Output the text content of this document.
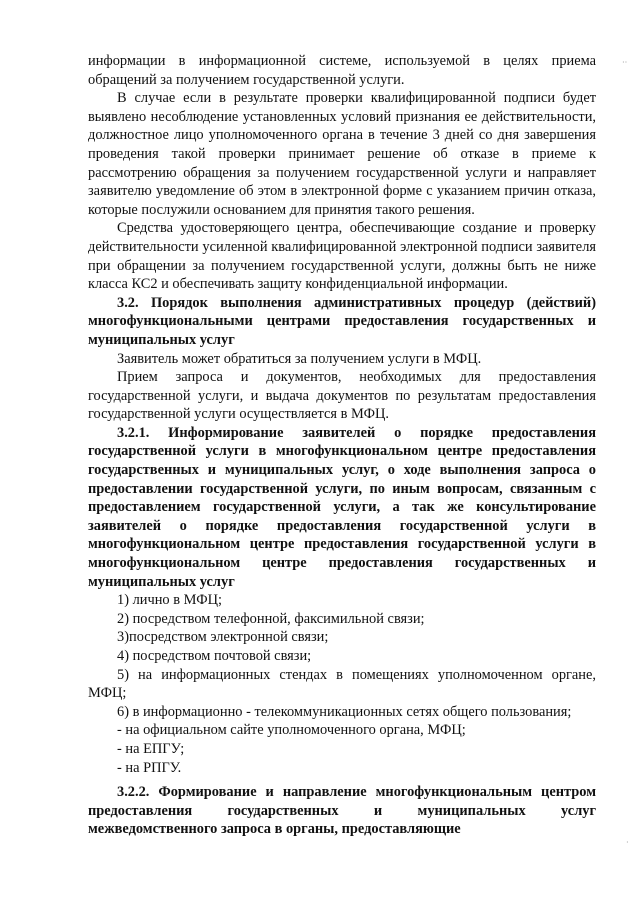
информации в информационной системе, используемой в целях приема обращений за получением государственной услуги.

В случае если в результате проверки квалифицированной подписи будет выявлено несоблюдение установленных условий признания ее действительности, должностное лицо уполномоченного органа в течение 3 дней со дня завершения проведения такой проверки принимает решение об отказе в приеме к рассмотрению обращения за получением государственной услуги и направляет заявителю уведомление об этом в электронной форме с указанием причин отказа, которые послужили основанием для принятия такого решения.

Средства удостоверяющего центра, обеспечивающие создание и проверку действительности усиленной квалифицированной электронной подписи заявителя при обращении за получением государственной услуги, должны быть не ниже класса КС2 и обеспечивать защиту конфиденциальной информации.

3.2. Порядок выполнения административных процедур (действий) многофункциональными центрами предоставления государственных и муниципальных услуг

Заявитель может обратиться за получением услуги в МФЦ.

Прием запроса и документов, необходимых для предоставления государственной услуги, и выдача документов по результатам предоставления государственной услуги осуществляется в МФЦ.

3.2.1. Информирование заявителей о порядке предоставления государственной услуги в многофункциональном центре предоставления государственных и муниципальных услуг, о ходе выполнения запроса о предоставлении государственной услуги, по иным вопросам, связанным с предоставлением государственной услуги, а так же консультирование заявителей о порядке предоставления государственной услуги в многофункциональном центре предоставления государственной услуги в многофункциональном центре предоставления государственных и муниципальных услуг

1) лично в МФЦ;

2) посредством телефонной, факсимильной связи;

3)посредством электронной связи;

4) посредством почтовой связи;

5) на информационных стендах в помещениях уполномоченном органе, МФЦ;

6) в информационно - телекоммуникационных сетях общего пользования;

- на официальном сайте уполномоченного органа, МФЦ;

- на ЕПГУ;

- на РПГУ.

3.2.2. Формирование и направление многофункциональным центром предоставления государственных и муниципальных услуг межведомственного запроса в органы, предоставляющие

··
·
